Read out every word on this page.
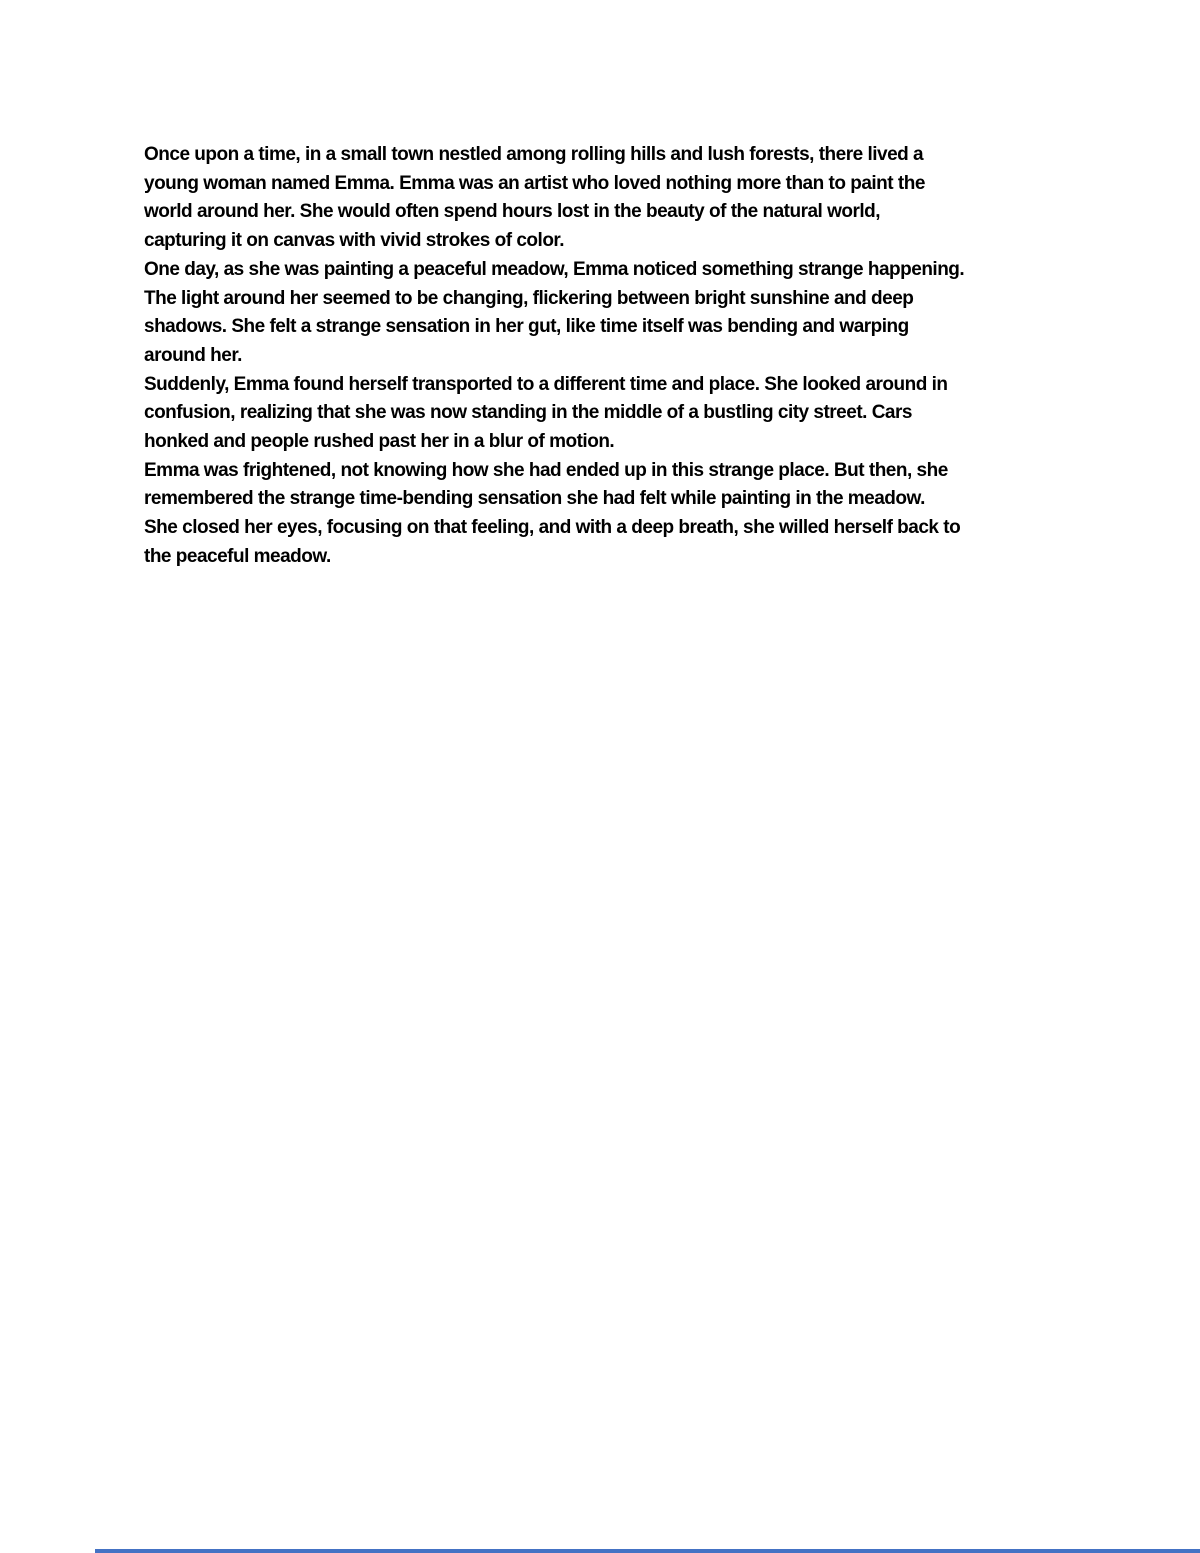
Once upon a time, in a small town nestled among rolling hills and lush forests, there lived a
young woman named Emma. Emma was an artist who loved nothing more than to paint the
world around her. She would often spend hours lost in the beauty of the natural world,
capturing it on canvas with vivid strokes of color.
One day, as she was painting a peaceful meadow, Emma noticed something strange happening.
The light around her seemed to be changing, flickering between bright sunshine and deep
shadows. She felt a strange sensation in her gut, like time itself was bending and warping
around her.
Suddenly, Emma found herself transported to a different time and place. She looked around in
confusion, realizing that she was now standing in the middle of a bustling city street. Cars
honked and people rushed past her in a blur of motion.
Emma was frightened, not knowing how she had ended up in this strange place. But then, she
remembered the strange time-bending sensation she had felt while painting in the meadow.
She closed her eyes, focusing on that feeling, and with a deep breath, she willed herself back to
the peaceful meadow.
